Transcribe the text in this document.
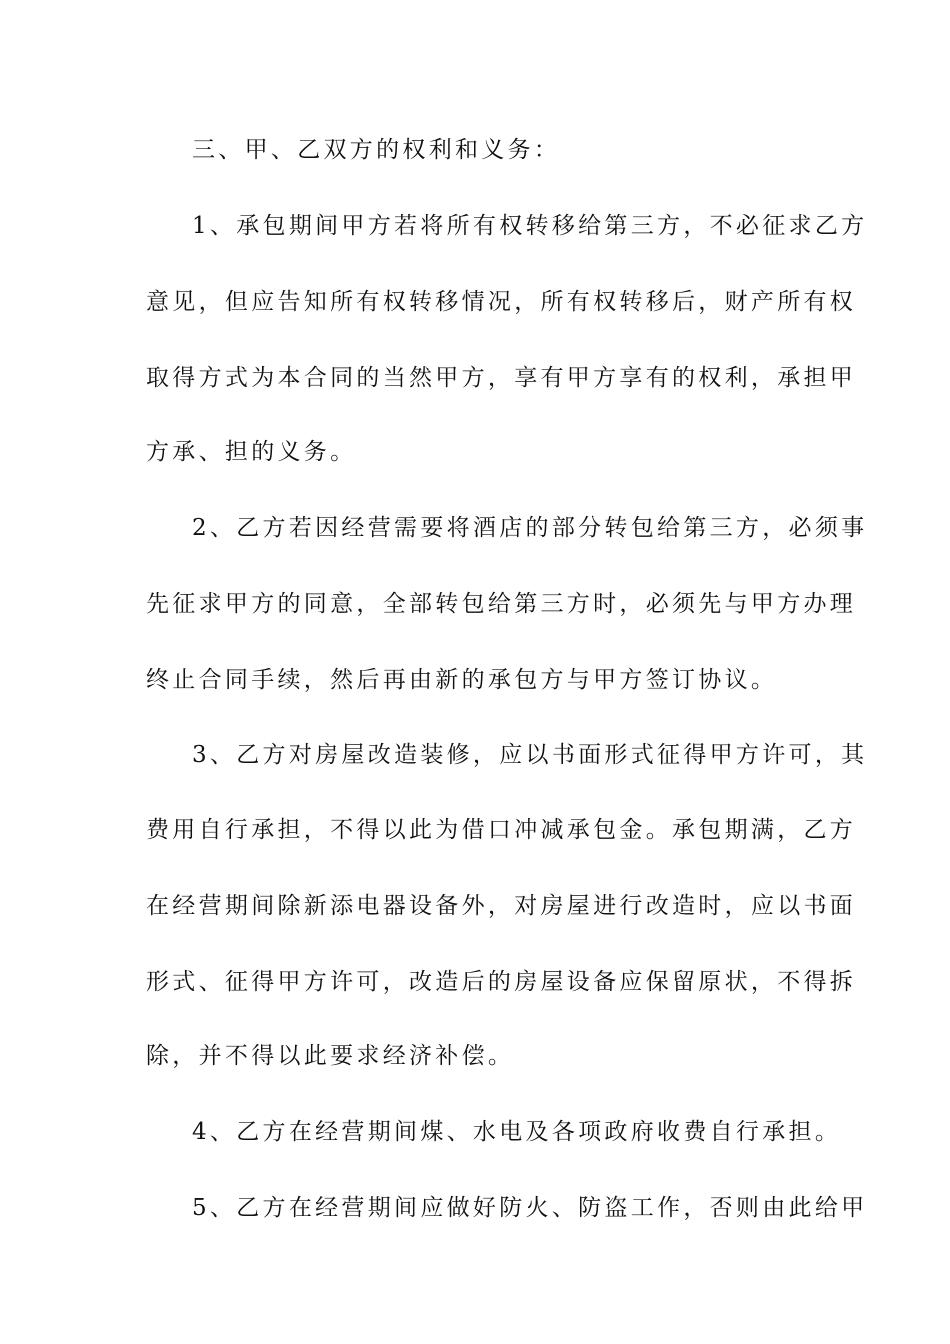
三、甲、乙双方的权利和义务：
1、承包期间甲方若将所有权转移给第三方，不必征求乙方
意见，但应告知所有权转移情况，所有权转移后，财产所有权
取得方式为本合同的当然甲方，享有甲方享有的权利，承担甲
方承、担的义务。
2、乙方若因经营需要将酒店的部分转包给第三方，必须事
先征求甲方的同意，全部转包给第三方时，必须先与甲方办理
终止合同手续，然后再由新的承包方与甲方签订协议。
3、乙方对房屋改造装修，应以书面形式征得甲方许可，其
费用自行承担，不得以此为借口冲减承包金。承包期满，乙方
在经营期间除新添电器设备外，对房屋进行改造时，应以书面
形式、征得甲方许可，改造后的房屋设备应保留原状，不得拆
除，并不得以此要求经济补偿。
4、乙方在经营期间煤、水电及各项政府收费自行承担。
5、乙方在经营期间应做好防火、防盗工作，否则由此给甲
